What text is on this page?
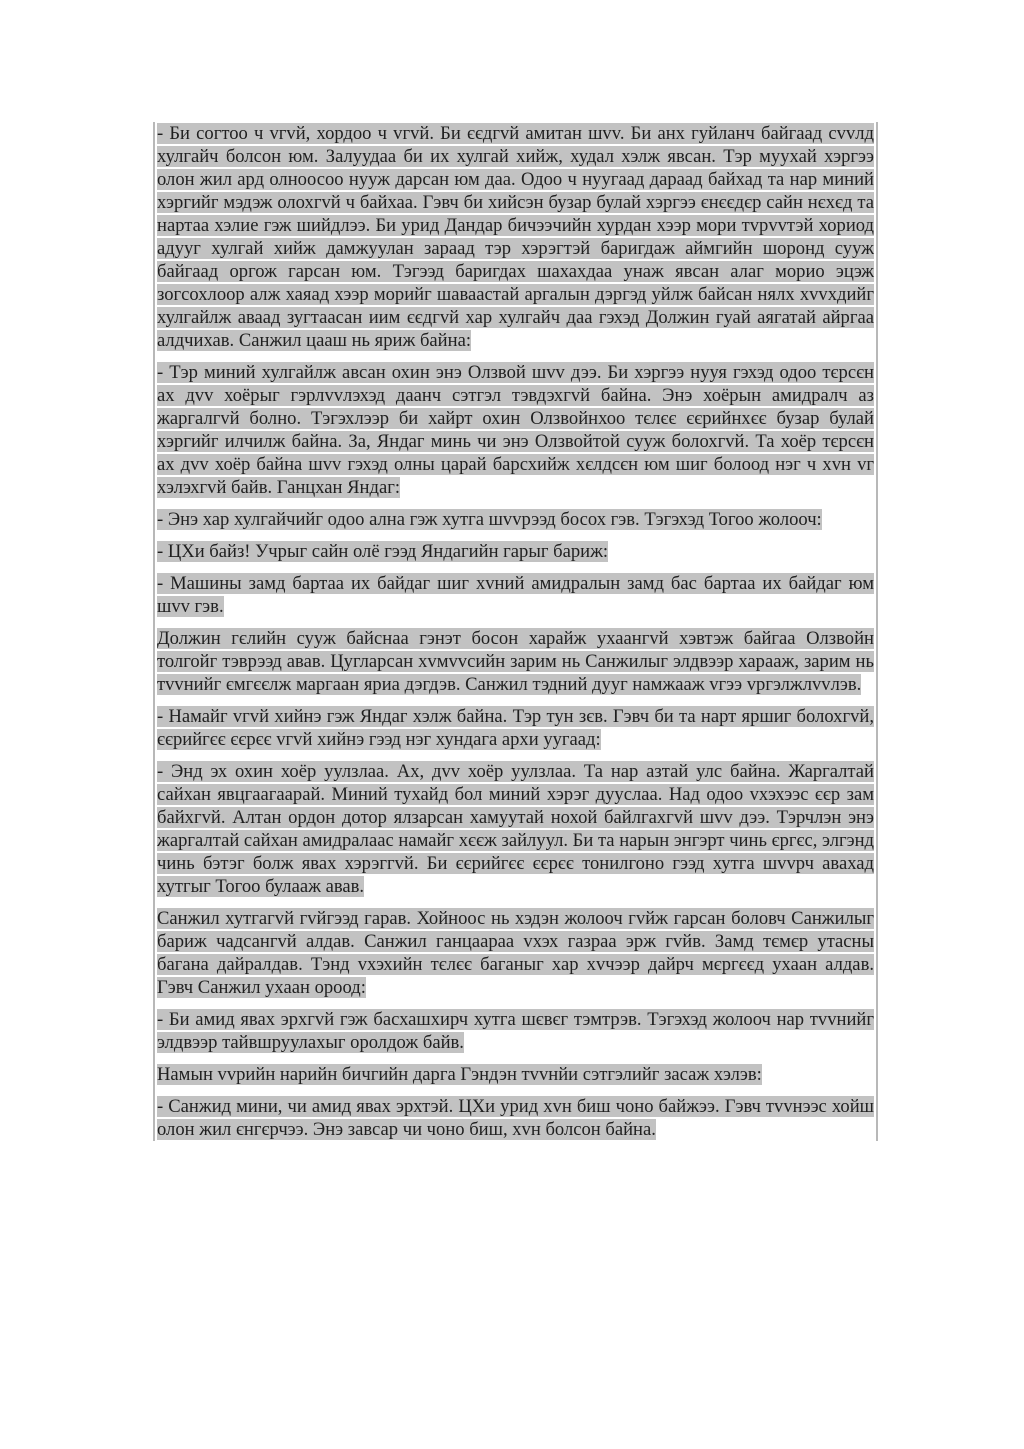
- Би согтоо ч vгvй, хордоо ч vгvй. Би єєдгvй амитан шvv. Би анх гуйланч байгаад сvvлд хулгайч болсон юм. Залуудаа би их хулгай хийж, худал хэлж явсан. Тэр муухай хэргээ олон жил ард олноосоо нууж дарсан юм даа. Одоо ч нуугаад дараад байхад та нар миний хэргийг мэдэж олохгvй ч байхаа. Гэвч би хийсэн бузар булай хэргээ єнєєдєр сайн нєхєд та нартаа хэлие гэж шийдлээ. Би урид Дандар бичээчийн хурдан хээр мори тvрvvтэй хориод адууг хулгай хийж дамжуулан зараад тэр хэрэгтэй баригдаж аймгийн шоронд сууж байгаад оргож гарсан юм. Тэгээд баригдах шахахдаа унаж явсан алаг морио эцэж зогсохлоор алж хаяад хээр морийг шаваастай аргалын дэргэд уйлж байсан нялх хvvхдийг хулгайлж аваад зугтаасан иим єєдгvй хар хулгайч даа гэхэд Должин гуай аягатай айргаа алдчихав. Санжил цааш нь яриж байна:

- Тэр миний хулгайлж авсан охин энэ Олзвой шvv дээ. Би хэргээ нууя гэхэд одоо тєрсєн ах дvv хоёрыг гэрлvvлэхэд даанч сэтгэл тэвдэхгvй байна. Энэ хоёрын амидралч аз жаргалгvй болно. Тэгэхлээр би хайрт охин Олзвойнхоо тєлєє єєрийнхєє бузар булай хэргийг илчилж байна. За, Яндаг минь чи энэ Олзвойтой сууж болохгvй. Та хоёр тєрсєн ах дvv хоёр байна шvv гэхэд олны царай барсхийж хєлдсєн юм шиг болоод нэг ч хvн vг хэлэхгvй байв. Ганцхан Яндаг:

- Энэ хар хулгайчийг одоо ална гэж хутга шvvрээд босох гэв. Тэгэхэд Тогоо жолооч:

- ЦХи байз! Учрыг сайн олё гээд Яндагийн гарыг бариж:

- Машины замд бартаа их байдаг шиг хvний амидралын замд бас бартаа их байдаг юм шvv гэв.

Должин гєлийн сууж байснаа гэнэт босон харайж ухаангvй хэвтэж байгаа Олзвойн толгойг тэврээд авав. Цугларсан хvмvvсийн зарим нь Санжилыг элдвээр харааж, зарим нь тvvнийг ємгєєлж маргаан яриа дэгдэв. Санжил тэдний дууг намжааж vгээ vргэлжлvvлэв.

- Намайг vгvй хийнэ гэж Яндаг хэлж байна. Тэр тун зєв. Гэвч би та нарт яршиг болохгvй, єєрийгєє єєрєє vгvй хийнэ гээд нэг хундага архи уугаад:

- Энд эх охин хоёр уулзлаа. Ах, дvv хоёр уулзлаа. Та нар азтай улс байна. Жаргалтай сайхан явцгаагаарай. Миний тухайд бол миний хэрэг дууслаа. Над одоо vхэхээс єєр зам байхгvй. Алтан ордон дотор ялзарсан хамуутай нохой байлгахгvй шvv дээ. Тэрчлэн энэ жаргалтай сайхан амидралаас намайг хєєж зайлуул. Би та нарын энгэрт чинь єргєс, элгэнд чинь бэтэг болж явах хэрэггvй. Би єєрийгєє єєрєє тонилгоно гээд хутга шvvрч авахад хутгыг Тогоо булааж авав.

Санжил хутгагvй гvйгээд гарав. Хойноос нь хэдэн жолооч гvйж гарсан боловч Санжилыг бариж чадсангvй алдав. Санжил ганцаараа vхэх газраа эрж гvйв. Замд тємєр утасны багана дайралдав. Тэнд vхэхийн тєлєє баганыг хар хvчээр дайрч мєргєєд ухаан алдав. Гэвч Санжил ухаан ороод:

- Би амид явах эрхгvй гэж басхашхирч хутга шєвєг тэмтрэв. Тэгэхэд жолооч нар тvvнийг элдвээр тайвшруулахыг оролдож байв.

Намын vvрийн нарийн бичгийн дарга Гэндэн тvvнйи сэтгэлийг засаж хэлэв:

- Санжид мини, чи амид явах эрхтэй. ЦХи урид хvн биш чоно байжээ. Гэвч тvvнээс хойш олон жил єнгєрчээ. Энэ завсар чи чоно биш, хvн болсон байна.
